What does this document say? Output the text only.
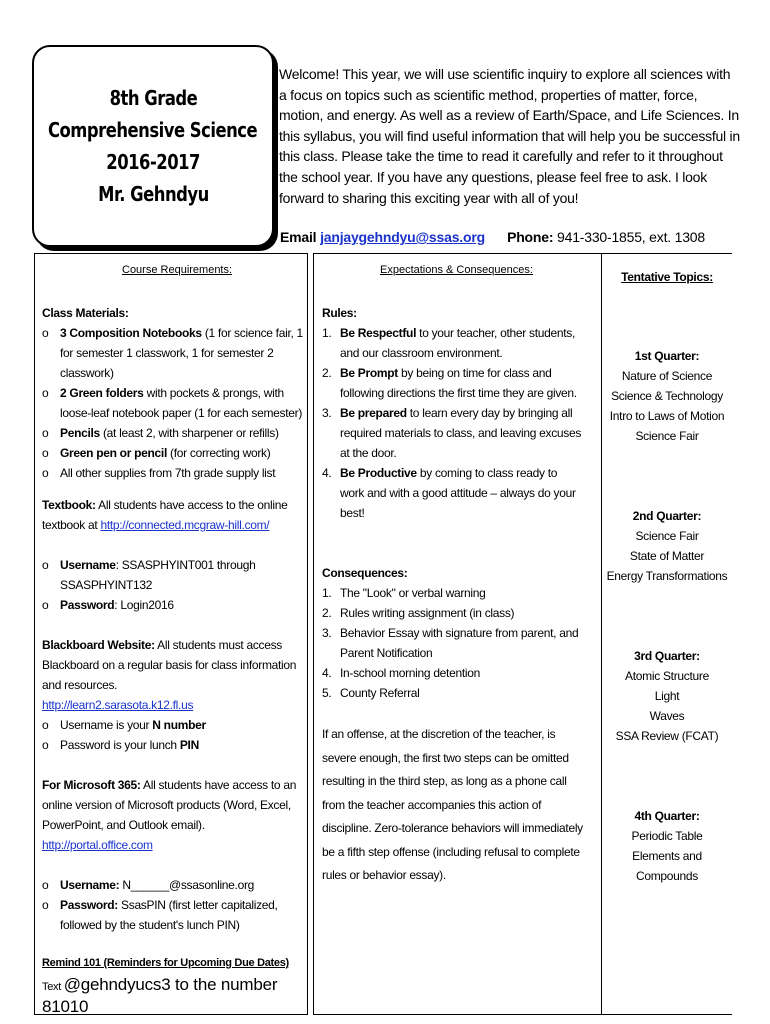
8th Grade
Comprehensive Science
2016-2017
Mr. Gehndyu
Welcome! This year, we will use scientific inquiry to explore all sciences with a focus on topics such as scientific method, properties of matter, force, motion, and energy. As well as a review of Earth/Space, and Life Sciences. In this syllabus, you will find useful information that will help you be successful in this class. Please take the time to read it carefully and refer to it throughout the school year. If you have any questions, please feel free to ask. I look forward to sharing this exciting year with all of you!
Email janjaygehndyu@ssas.org Phone: 941-330-1855, ext. 1308
Course Requirements:
Class Materials:
o 3 Composition Notebooks (1 for science fair, 1 for semester 1 classwork, 1 for semester 2 classwork)
o 2 Green folders with pockets & prongs, with loose-leaf notebook paper (1 for each semester)
o Pencils (at least 2, with sharpener or refills)
o Green pen or pencil (for correcting work)
o All other supplies from 7th grade supply list
Textbook: All students have access to the online textbook at http://connected.mcgraw-hill.com/
o Username: SSASPHYINT001 through SSASPHYINT132
o Password: Login2016
Blackboard Website: All students must access Blackboard on a regular basis for class information and resources.
http://learn2.sarasota.k12.fl.us
o Username is your N number
o Password is your lunch PIN
For Microsoft 365: All students have access to an online version of Microsoft products (Word, Excel, PowerPoint, and Outlook email). http://portal.office.com
o Username: N______@ssasonline.org
o Password: SsasPIN (first letter capitalized, followed by the student's lunch PIN)
Remind 101 (Reminders for Upcoming Due Dates)
Text @gehndyucs3 to the number 81010
Expectations & Consequences:
Rules:
1. Be Respectful to your teacher, other students, and our classroom environment.
2. Be Prompt by being on time for class and following directions the first time they are given.
3. Be prepared to learn every day by bringing all required materials to class, and leaving excuses at the door.
4. Be Productive by coming to class ready to work and with a good attitude – always do your best!
Consequences:
1. The "Look" or verbal warning
2. Rules writing assignment (in class)
3. Behavior Essay with signature from parent, and Parent Notification
4. In-school morning detention
5. County Referral
If an offense, at the discretion of the teacher, is severe enough, the first two steps can be omitted resulting in the third step, as long as a phone call from the teacher accompanies this action of discipline. Zero-tolerance behaviors will immediately be a fifth step offense (including refusal to complete rules or behavior essay).
Tentative Topics:
1st Quarter:
Nature of Science
Science & Technology
Intro to Laws of Motion
Science Fair
2nd Quarter:
Science Fair
State of Matter
Energy Transformations
3rd Quarter:
Atomic Structure
Light
Waves
SSA Review (FCAT)
4th Quarter:
Periodic Table
Elements and Compounds
